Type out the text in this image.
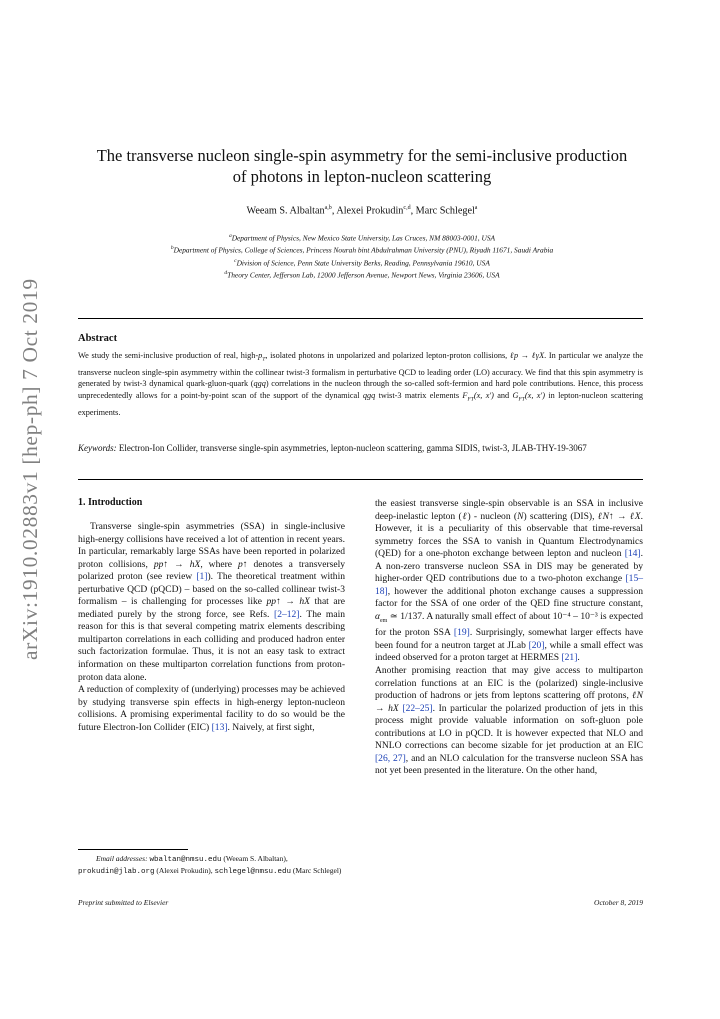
arXiv:1910.02883v1 [hep-ph] 7 Oct 2019
The transverse nucleon single-spin asymmetry for the semi-inclusive production
of photons in lepton-nucleon scattering
Weeam S. Albaltan$^{a,b}$, Alexei Prokudin$^{c,d}$, Marc Schlegel$^a$
$^a$Department of Physics, New Mexico State University, Las Cruces, NM 88003-0001, USA
$^b$Department of Physics, College of Sciences, Princess Nourah bint Abdulrahman University (PNU), Riyadh 11671, Saudi Arabia
$^c$Division of Science, Penn State University Berks, Reading, Pennsylvania 19610, USA
$^d$Theory Center, Jefferson Lab, 12000 Jefferson Avenue, Newport News, Virginia 23606, USA
Abstract
We study the semi-inclusive production of real, high-$p_T$, isolated photons in unpolarized and polarized lepton-proton collisions, ℓp → ℓγX. In particular we analyze the transverse nucleon single-spin asymmetry within the collinear twist-3 formalism in perturbative QCD to leading order (LO) accuracy. We find that this spin asymmetry is generated by twist-3 dynamical quark-gluon-quark (qgq) correlations in the nucleon through the so-called soft-fermion and hard pole contributions. Hence, this process unprecedentedly allows for a point-by-point scan of the support of the dynamical qgq twist-3 matrix elements $F_{FT}(x$, x′) and $G_{FT}(x$, x′) in lepton-nucleon scattering experiments.
Keywords: Electron-Ion Collider, transverse single-spin asymmetries, lepton-nucleon scattering, gamma SIDIS, twist-3, JLAB-THY-19-3067
1. Introduction

Transverse single-spin asymmetries (SSA) in single-inclusive high-energy collisions have received a lot of attention in recent years. In particular, remarkably large SSAs have been reported in polarized proton collisions, pp↑ → hX, where p↑ denotes a transversely polarized proton (see review [1]). The theoretical treatment within perturbative QCD (pQCD) – based on the so-called collinear twist-3 formalism – is challenging for processes like pp↑ → hX that are mediated purely by the strong force, see Refs. [2–12]. The main reason for this is that several competing matrix elements describing multiparton correlations in each colliding and produced hadron enter such factorization formulae. Thus, it is not an easy task to extract information on these multiparton correlation functions from proton-proton data alone.

A reduction of complexity of (underlying) processes may be achieved by studying transverse spin effects in high-energy lepton-nucleon collisions. A promising experimental facility to do so would be the future Electron-Ion Collider (EIC) [13]. Naively, at first sight,

Email addresses: wbaltan@nmsu.edu (Weeam S. Albaltan), prokudin@jlab.org (Alexei Prokudin), schlegel@nmsu.edu (Marc Schlegel)

the easiest transverse single-spin observable is an SSA in inclusive deep-inelastic lepton (ℓ) - nucleon (N) scattering (DIS), ℓN↑ → ℓX. However, it is a peculiarity of this observable that time-reversal symmetry forces the SSA to vanish in Quantum Electrodynamics (QED) for a one-photon exchange between lepton and nucleon [14]. A non-zero transverse nucleon SSA in DIS may be generated by higher-order QED contributions due to a two-photon exchange [15–18], however the additional photon exchange causes a suppression factor for the SSA of one order of the QED fine structure constant, $\alpha_{em}$ ≃ 1/137. A naturally small effect of about 10⁻⁴ – 10⁻³ is expected for the proton SSA [19]. Surprisingly, somewhat larger effects have been found for a neutron target at JLab [20], while a small effect was indeed observed for a proton target at HERMES [21].

Another promising reaction that may give access to multiparton correlation functions at an EIC is the (polarized) single-inclusive production of hadrons or jets from leptons scattering off protons, ℓN → hX [22–25]. In particular the polarized production of jets in this process might provide valuable information on soft-gluon pole contributions at LO in pQCD. It is however expected that NLO and NNLO corrections can become sizable for jet production at an EIC [26, 27], and an NLO calculation for the transverse nucleon SSA has not yet been presented in the literature. On the other hand,

Preprint submitted to Elsevier	October 8, 2019
